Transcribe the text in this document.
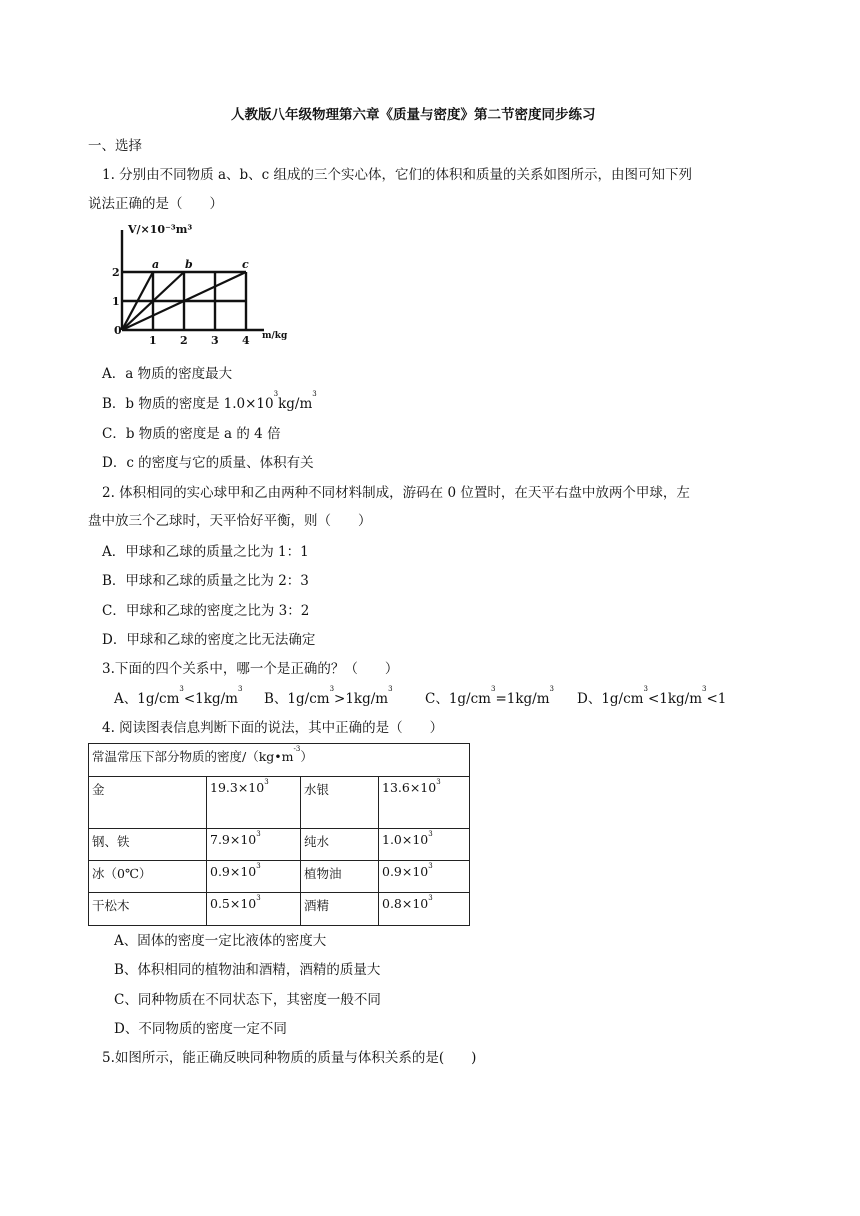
人教版八年级物理第六章《质量与密度》第二节密度同步练习
一、选择
1. 分别由不同物质 a、b、c 组成的三个实心体，它们的体积和质量的关系如图所示，由图可知下列
说法正确的是（　　）
V/×10⁻³m³
m/kg
2
1
0
1 2 3 4
a b	c
A．a 物质的密度最大
B．b 物质的密度是 $1.0\times 10^3kg/m^3$
C．b 物质的密度是 a 的 4 倍
D．c 的密度与它的质量、体积有关
2. 体积相同的实心球甲和乙由两种不同材料制成，游码在 0 位置时，在天平右盘中放两个甲球，左
盘中放三个乙球时，天平恰好平衡，则（　　）
A．甲球和乙球的质量之比为 1：1
B．甲球和乙球的质量之比为 2：3
C．甲球和乙球的密度之比为 3：2
D．甲球和乙球的密度之比无法确定
3.下面的四个关系中，哪一个是正确的？（　　）
A、$1g/cm^3<1kg/m^3$
B、$1g/cm^3>1kg/m^3$
C、$1g/cm^3=1kg/m^3$
D、$1g/cm^3<1kg/m^3<1$
4. 阅读图表信息判断下面的说法，其中正确的是（　　）
常温常压下部分物质的密度$/(kg•m^{-3})$			
金	$19.3\times 10^3$	水银	$13.6\times 10^3$
钢、铁	$7.9\times 10^3$	纯水	$1.0\times 10^3$
冰（0℃）	$0.9\times 10^3$	植物油	$0.9\times 10^3$
干松木	$0.5\times 10^3$	酒精	$0.8\times 10^3$
A、固体的密度一定比液体的密度大
B、体积相同的植物油和酒精，酒精的质量大
C、同种物质在不同状态下，其密度一般不同
D、不同物质的密度一定不同
5.如图所示，能正确反映同种物质的质量与体积关系的是(　　)
